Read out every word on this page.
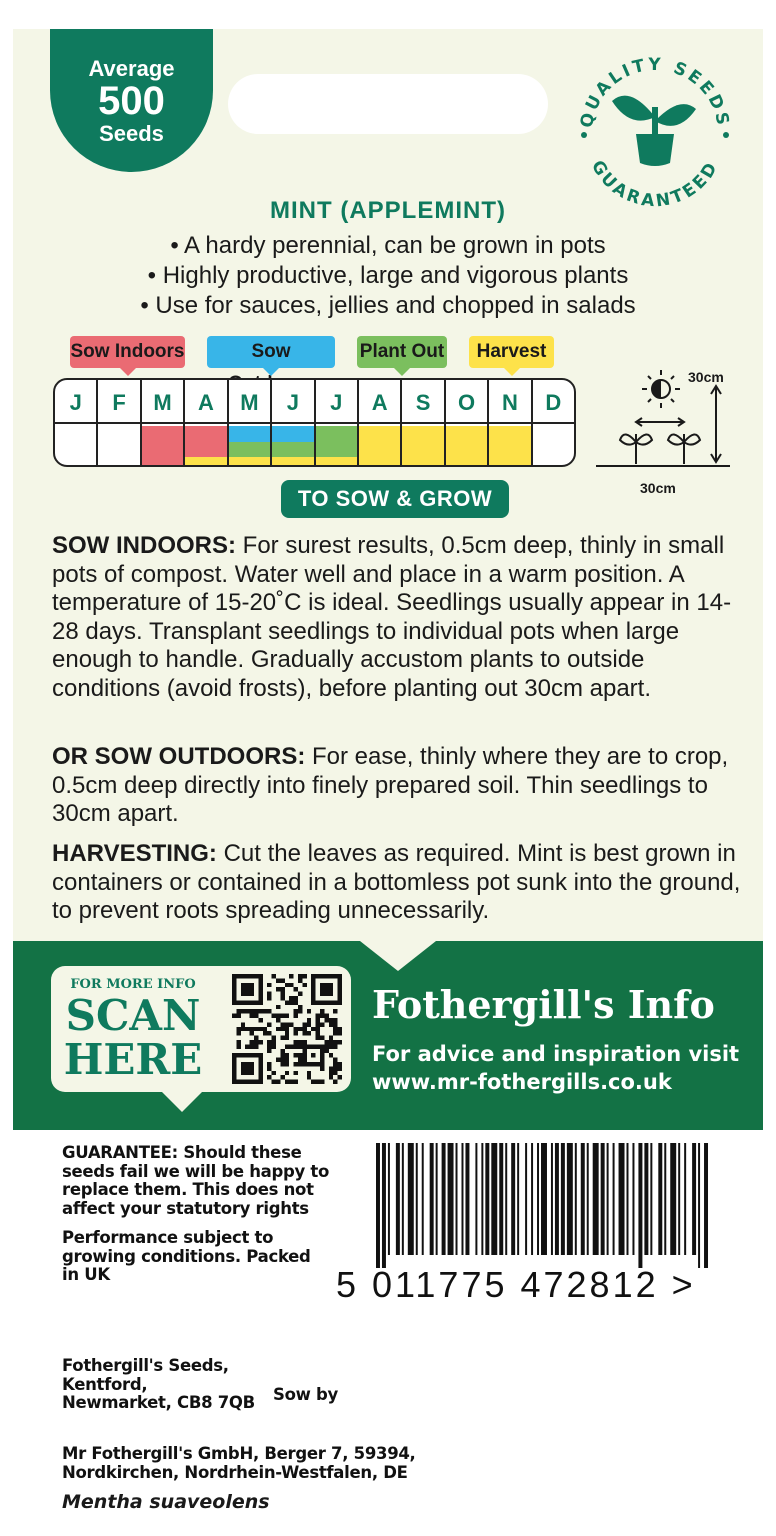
Average
500
Seeds
QUALITY SEEDS
GUARANTEED
MINT (APPLEMINT)
• A hardy perennial, can be grown in pots
• Highly productive, large and vigorous plants
• Use for sauces, jellies and chopped in salads
Sow Indoors	Sow	Plant Out	Harvest
J	F	M	A	M	J	J	A	S	O	N	D
30cm
30cm
TO SOW & GROW
SOW INDOORS: For surest results, 0.5cm deep, thinly in small pots of compost. Water well and place in a warm position. A temperature of 15-20˚C is ideal. Seedlings usually appear in 14-28 days. Transplant seedlings to individual pots when large enough to handle. Gradually accustom plants to outside conditions (avoid frosts), before planting out 30cm apart.
OR SOW OUTDOORS: For ease, thinly where they are to crop, 0.5cm deep directly into finely prepared soil. Thin seedlings to 30cm apart.
HARVESTING: Cut the leaves as required. Mint is best grown in containers or contained in a bottomless pot sunk into the ground, to prevent roots spreading unnecessarily.
FOR MORE INFO
SCAN
HERE
Fothergill's Info
For advice and inspiration visit
www.mr-fothergills.co.uk
GUARANTEE: Should these seeds fail we will be happy to replace them. This does not affect your statutory rights
Performance subject to growing conditions. Packed in UK
Fothergill's Seeds, Kentford, Newmarket, CB8 7QB	Sow by
Mr Fothergill's GmbH, Berger 7, 59394, Nordkirchen, Nordrhein-Westfalen, DE
Mentha suaveolens
5 011775 472812 >
